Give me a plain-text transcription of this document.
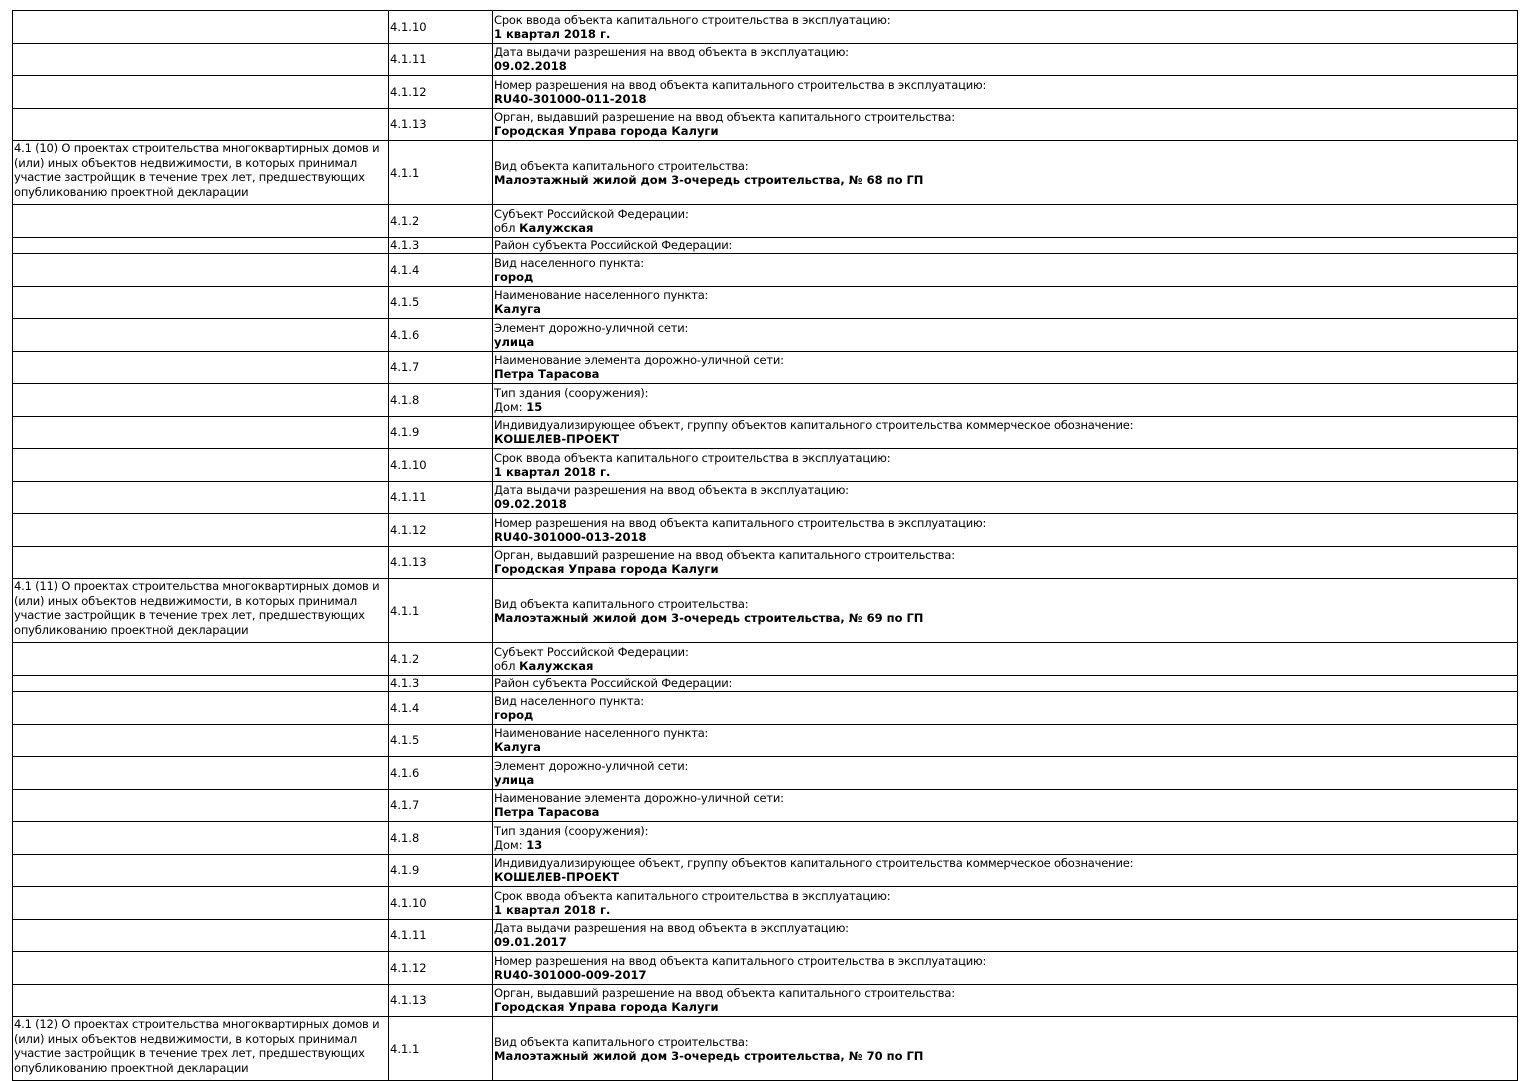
	4.1.10	Срок ввода объекта капитального строительства в эксплуатацию:
1 квартал 2018 г.

	4.1.11	Дата выдачи разрешения на ввод объекта в эксплуатацию:
09.02.2018

	4.1.12	Номер разрешения на ввод объекта капитального строительства в эксплуатацию:
RU40-301000-011-2018

	4.1.13	Орган, выдавший разрешение на ввод объекта капитального строительства:
Городская Управа города Калуги

4.1 (10) О проектах строительства многоквартирных домов и (или) иных объектов недвижимости, в которых принимал участие застройщик в течение трех лет, предшествующих опубликованию проектной декларации	4.1.1	Вид объекта капитального строительства:
Малоэтажный жилой дом 3-очередь строительства, № 68 по ГП

	4.1.2	Субъект Российской Федерации:
обл Калужская

	4.1.3	Район субъекта Российской Федерации:

	4.1.4	Вид населенного пункта:
город

	4.1.5	Наименование населенного пункта:
Калуга

	4.1.6	Элемент дорожно-уличной сети:
улица

	4.1.7	Наименование элемента дорожно-уличной сети:
Петра Тарасова

	4.1.8	Тип здания (сооружения):
Дом: 15

	4.1.9	Индивидуализирующее объект, группу объектов капитального строительства коммерческое обозначение:
КОШЕЛЕВ-ПРОЕКТ

	4.1.10	Срок ввода объекта капитального строительства в эксплуатацию:
1 квартал 2018 г.

	4.1.11	Дата выдачи разрешения на ввод объекта в эксплуатацию:
09.02.2018

	4.1.12	Номер разрешения на ввод объекта капитального строительства в эксплуатацию:
RU40-301000-013-2018

	4.1.13	Орган, выдавший разрешение на ввод объекта капитального строительства:
Городская Управа города Калуги

4.1 (11) О проектах строительства многоквартирных домов и (или) иных объектов недвижимости, в которых принимал участие застройщик в течение трех лет, предшествующих опубликованию проектной декларации	4.1.1	Вид объекта капитального строительства:
Малоэтажный жилой дом 3-очередь строительства, № 69 по ГП

	4.1.2	Субъект Российской Федерации:
обл Калужская

	4.1.3	Район субъекта Российской Федерации:

	4.1.4	Вид населенного пункта:
город

	4.1.5	Наименование населенного пункта:
Калуга

	4.1.6	Элемент дорожно-уличной сети:
улица

	4.1.7	Наименование элемента дорожно-уличной сети:
Петра Тарасова

	4.1.8	Тип здания (сооружения):
Дом: 13

	4.1.9	Индивидуализирующее объект, группу объектов капитального строительства коммерческое обозначение:
КОШЕЛЕВ-ПРОЕКТ

	4.1.10	Срок ввода объекта капитального строительства в эксплуатацию:
1 квартал 2018 г.

	4.1.11	Дата выдачи разрешения на ввод объекта в эксплуатацию:
09.01.2017

	4.1.12	Номер разрешения на ввод объекта капитального строительства в эксплуатацию:
RU40-301000-009-2017

	4.1.13	Орган, выдавший разрешение на ввод объекта капитального строительства:
Городская Управа города Калуги

4.1 (12) О проектах строительства многоквартирных домов и (или) иных объектов недвижимости, в которых принимал участие застройщик в течение трех лет, предшествующих опубликованию проектной декларации	4.1.1	Вид объекта капитального строительства:
Малоэтажный жилой дом 3-очередь строительства, № 70 по ГП
